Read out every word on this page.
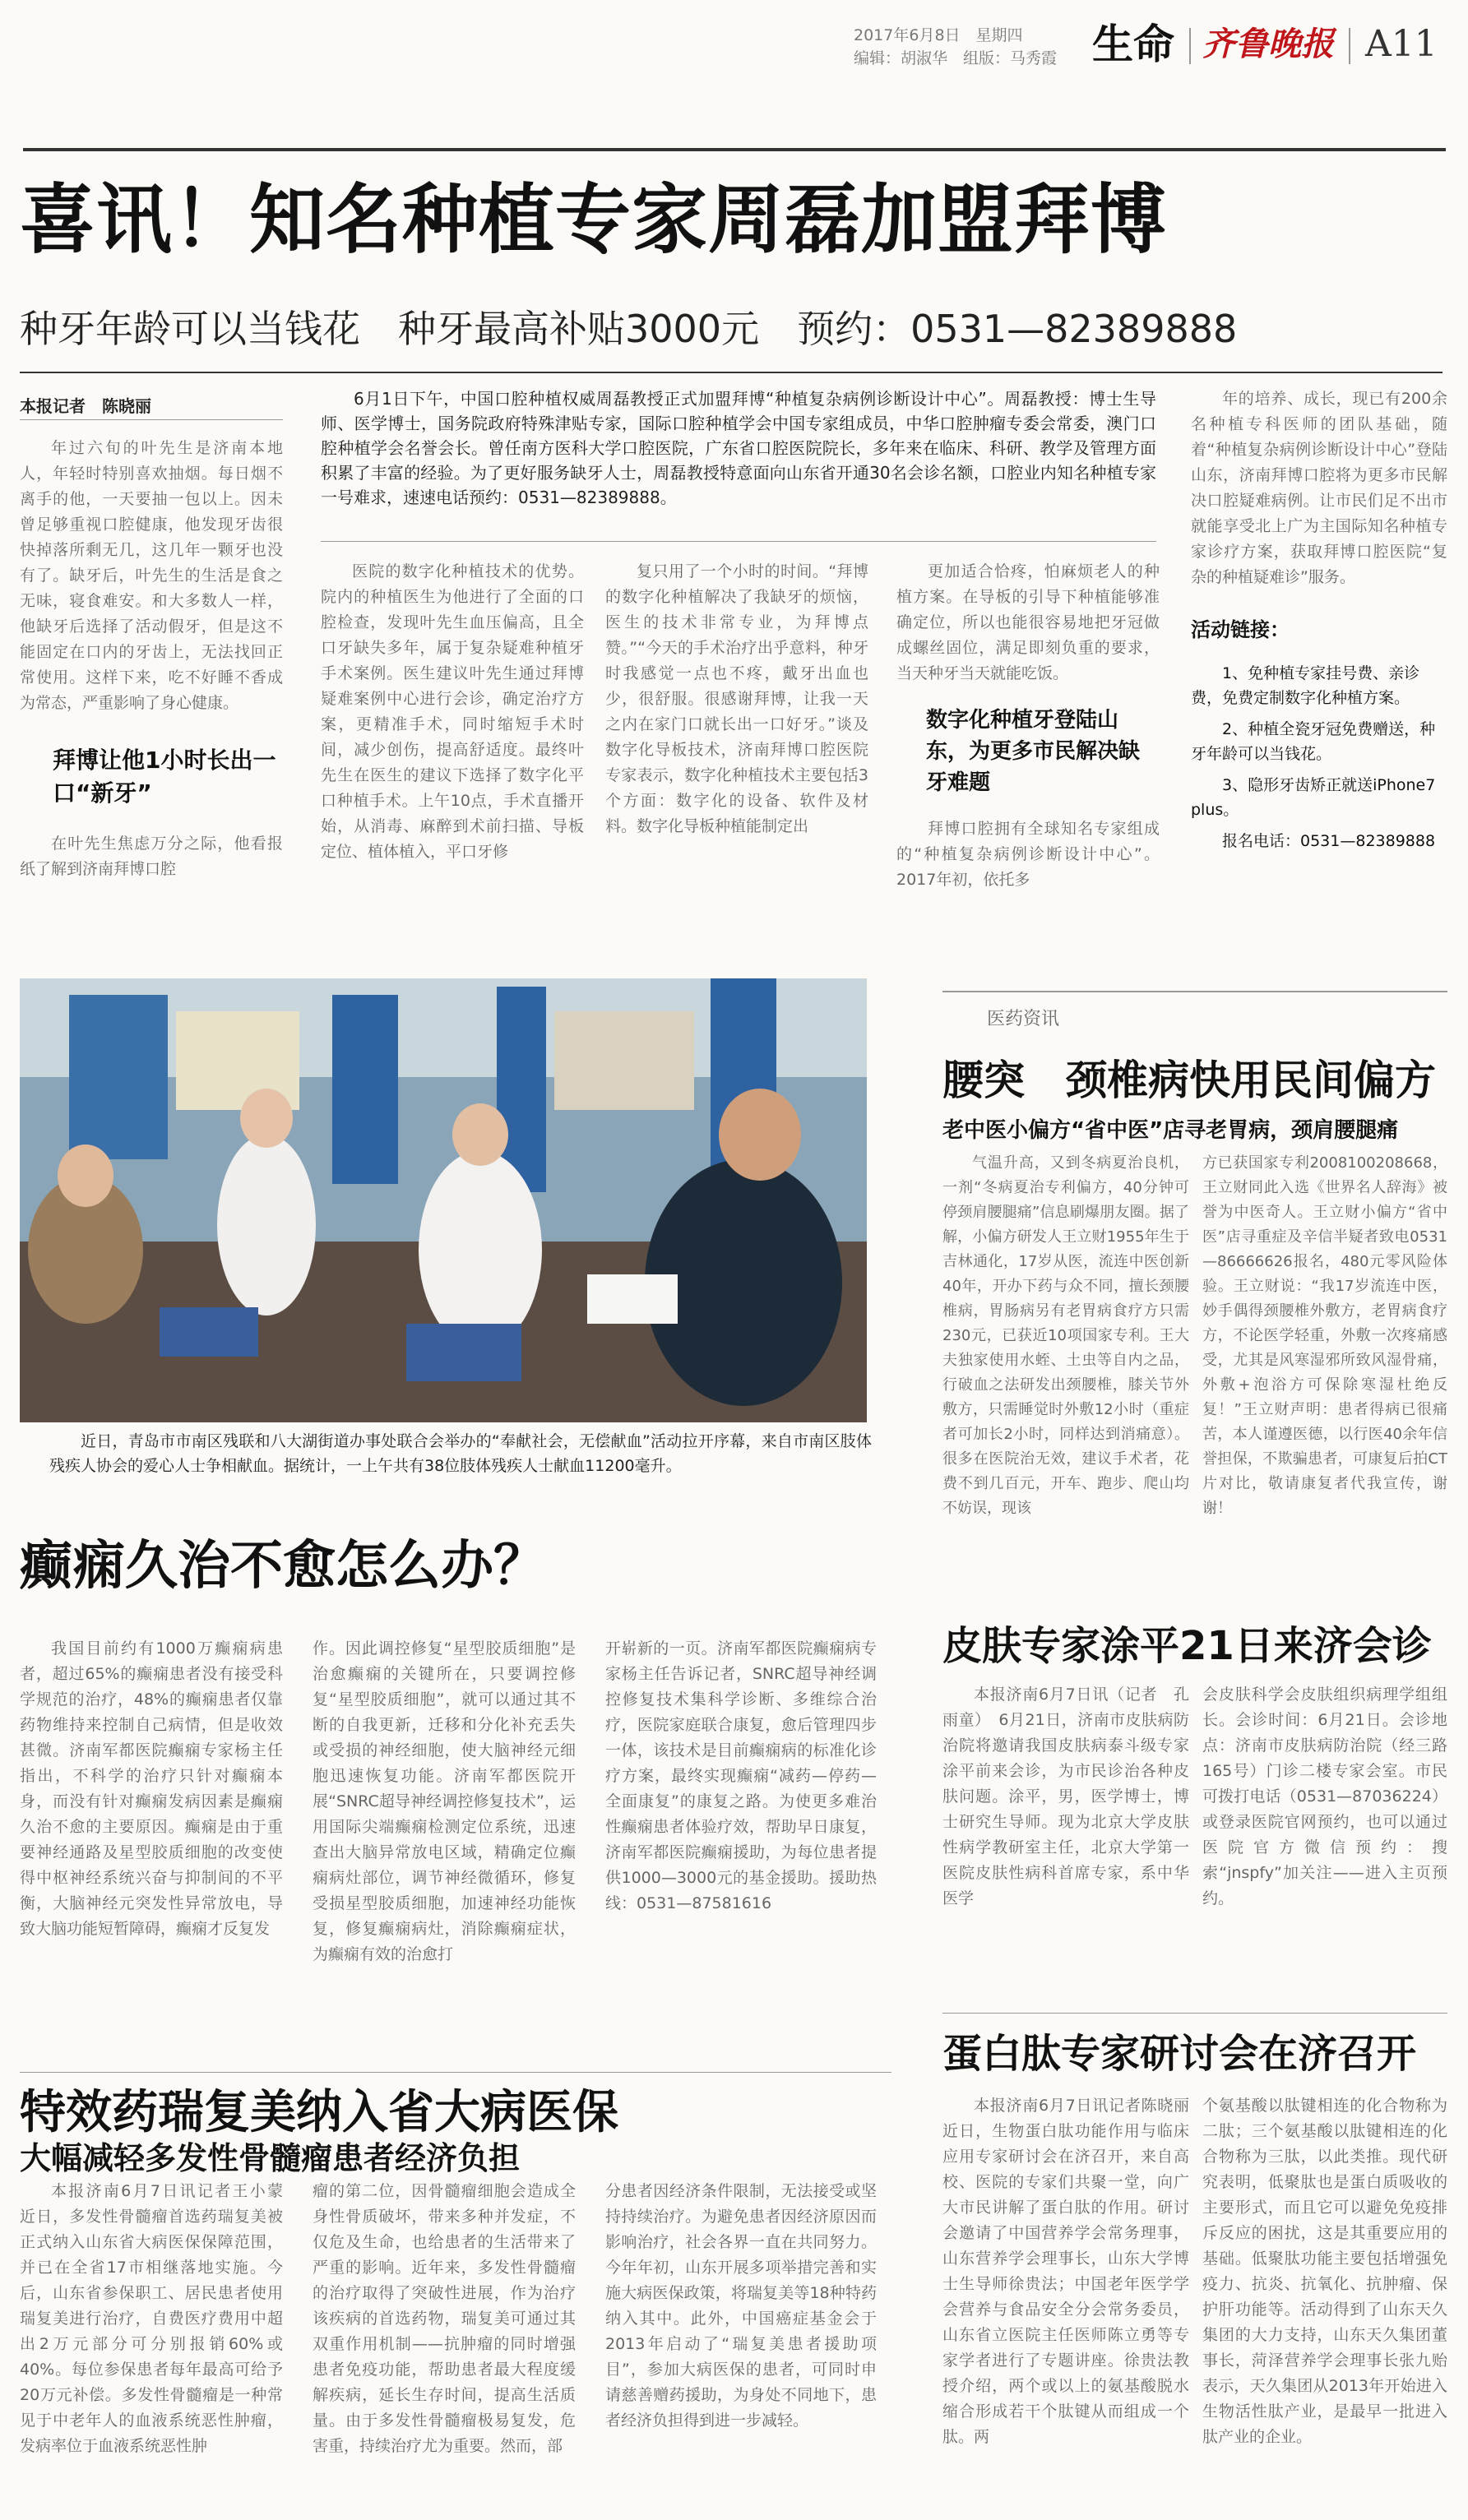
2017年6月8日　星期四
编辑：胡淑华　组版：马秀霞 生命 齐鲁晚报 A11
喜讯！知名种植专家周磊加盟拜博
种牙年龄可以当钱花　种牙最高补贴3000元　预约：0531—82389888
本报记者　陈晓丽

年过六旬的叶先生是济南本地人，年轻时特别喜欢抽烟。每日烟不离手的他，一天要抽一包以上。因未曾足够重视口腔健康，他发现牙齿很快掉落所剩无几，这几年一颗牙也没有了。缺牙后，叶先生的生活是食之无味，寝食难安。和大多数人一样，他缺牙后选择了活动假牙，但是这不能固定在口内的牙齿上，无法找回正常使用。这样下来，吃不好睡不香成为常态，严重影响了身心健康。

拜博让他1小时长出一口“新牙”

在叶先生焦虑万分之际，他看报纸了解到济南拜博口腔

6月1日下午，中国口腔种植权威周磊教授正式加盟拜博“种植复杂病例诊断设计中心”。周磊教授：博士生导师、医学博士，国务院政府特殊津贴专家，国际口腔种植学会中国专家组成员，中华口腔肿瘤专委会常委，澳门口腔种植学会名誉会长。曾任南方医科大学口腔医院，广东省口腔医院院长，多年来在临床、科研、教学及管理方面积累了丰富的经验。为了更好服务缺牙人士，周磊教授特意面向山东省开通30名会诊名额，口腔业内知名种植专家一号难求，速速电话预约：0531—82389888。

医院的数字化种植技术的优势。院内的种植医生为他进行了全面的口腔检查，发现叶先生血压偏高，且全口牙缺失多年，属于复杂疑难种植牙手术案例。医生建议叶先生通过拜博疑难案例中心进行会诊，确定治疗方案，更精准手术，同时缩短手术时间，减少创伤，提高舒适度。最终叶先生在医生的建议下选择了数字化平口种植手术。上午10点，手术直播开始，从消毒、麻醉到术前扫描、导板定位、植体植入，平口牙修

复只用了一个小时的时间。“拜博的数字化种植解决了我缺牙的烦恼，医生的技术非常专业，为拜博点赞。”“今天的手术治疗出乎意料，种牙时我感觉一点也不疼，戴牙出血也少，很舒服。很感谢拜博，让我一天之内在家门口就长出一口好牙。”谈及数字化导板技术，济南拜博口腔医院专家表示，数字化种植技术主要包括3个方面：数字化的设备、软件及材料。数字化导板种植能制定出

更加适合恰疼，怕麻烦老人的种植方案。在导板的引导下种植能够准确定位，所以也能很容易地把牙冠做成螺丝固位，满足即刻负重的要求，当天种牙当天就能吃饭。

数字化种植牙登陆山东，为更多市民解决缺牙难题

拜博口腔拥有全球知名专家组成的“种植复杂病例诊断设计中心”。2017年初，依托多

年的培养、成长，现已有200余名种植专科医师的团队基础，随着“种植复杂病例诊断设计中心”登陆山东，济南拜博口腔将为更多市民解决口腔疑难病例。让市民们足不出市就能享受北上广为主国际知名种植专家诊疗方案，获取拜博口腔医院“复杂的种植疑难诊”服务。

活动链接：
1、免种植专家挂号费、亲诊费，免费定制数字化种植方案。
2、种植全瓷牙冠免费赠送，种牙年龄可以当钱花。
3、隐形牙齿矫正就送iPhone7 plus。
报名电话：0531—82389888

近日，青岛市市南区残联和八大湖街道办事处联合会举办的“奉献社会，无偿献血”活动拉开序幕，来自市南区肢体残疾人协会的爱心人士争相献血。据统计，一上午共有38位肢体残疾人士献血11200毫升。

医药资讯
腰突　颈椎病快用民间偏方
老中医小偏方“省中医”店寻老胃病，颈肩腰腿痛

气温升高，又到冬病夏治良机，一剂“冬病夏治专利偏方，40分钟可停颈肩腰腿痛”信息刷爆朋友圈。据了解，小偏方研发人王立财1955年生于吉林通化，17岁从医，流连中医创新40年，开办下药与众不同，擅长颈腰椎病，胃肠病另有老胃病食疗方只需230元，已获近10项国家专利。王大夫独家使用水蛭、土虫等自内之品，行破血之法研发出颈腰椎，膝关节外敷方，只需睡觉时外敷12小时（重症者可加长2小时，同样达到消痛意）。很多在医院治无效，建议手术者，花费不到几百元，开车、跑步、爬山均不妨误，现该

方已获国家专利2008100208668，王立财同此入选《世界名人辞海》被誉为中医奇人。王立财小偏方“省中医”店寻重症及辛信半疑者致电0531—86666626报名，480元零风险体验。王立财说：“我17岁流连中医，妙手偶得颈腰椎外敷方，老胃病食疗方，不论医学轻重，外敷一次疼痛感受，尤其是风寒湿邪所致风湿骨痛，外敷+泡浴方可保除寒湿杜绝反复！”王立财声明：患者得病已很痛苦，本人谨遵医德，以行医40余年信誉担保，不欺骗患者，可康复后拍CT片对比，敬请康复者代我宣传，谢谢！

癫痫久治不愈怎么办？

我国目前约有1000万癫痫病患者，超过65%的癫痫患者没有接受科学规范的治疗，48%的癫痫患者仅靠药物维持来控制自己病情，但是收效甚微。济南军都医院癫痫专家杨主任指出，不科学的治疗只针对癫痫本身，而没有针对癫痫发病因素是癫痫久治不愈的主要原因。癫痫是由于重要神经通路及星型胶质细胞的改变使得中枢神经系统兴奋与抑制间的不平衡，大脑神经元突发性异常放电，导致大脑功能短暂障碍，癫痫才反复发

作。因此调控修复“星型胶质细胞”是治愈癫痫的关键所在，只要调控修复“星型胶质细胞”，就可以通过其不断的自我更新，迁移和分化补充丢失或受损的神经细胞，使大脑神经元细胞迅速恢复功能。济南军都医院开展“SNRC超导神经调控修复技术”，运用国际尖端癫痫检测定位系统，迅速查出大脑异常放电区域，精确定位癫痫病灶部位，调节神经微循环，修复受损星型胶质细胞，加速神经功能恢复，修复癫痫病灶，消除癫痫症状，为癫痫有效的治愈打

开崭新的一页。济南军都医院癫痫病专家杨主任告诉记者，SNRC超导神经调控修复技术集科学诊断、多维综合治疗，医院家庭联合康复，愈后管理四步一体，该技术是目前癫痫病的标准化诊疗方案，最终实现癫痫“减药—停药—全面康复”的康复之路。为使更多难治性癫痫患者体验疗效，帮助早日康复，济南军都医院癫痫援助，为每位患者提供1000—3000元的基金援助。援助热线：0531—87581616

皮肤专家涂平21日来济会诊

本报济南6月7日讯（记者　孔雨童）　6月21日，济南市皮肤病防治院将邀请我国皮肤病泰斗级专家涂平前来会诊，为市民诊治各种皮肤问题。涂平，男，医学博士，博士研究生导师。现为北京大学皮肤性病学教研室主任，北京大学第一医院皮肤性病科首席专家，系中华医学

会皮肤科学会皮肤组织病理学组组长。会诊时间：6月21日。会诊地点：济南市皮肤病防治院（经三路165号）门诊二楼专家会室。市民可拨打电话（0531—87036224）或登录医院官网预约，也可以通过医院官方微信预约：搜索“jnspfy”加关注——进入主页预约。

特效药瑞复美纳入省大病医保
大幅减轻多发性骨髓瘤患者经济负担

本报济南6月7日讯记者王小蒙　近日，多发性骨髓瘤首选药瑞复美被正式纳入山东省大病医保保障范围，并已在全省17市相继落地实施。今后，山东省参保职工、居民患者使用瑞复美进行治疗，自费医疗费用中超出2万元部分可分别报销60%或40%。每位参保患者每年最高可给予20万元补偿。多发性骨髓瘤是一种常见于中老年人的血液系统恶性肿瘤，发病率位于血液系统恶性肿

瘤的第二位，因骨髓瘤细胞会造成全身性骨质破坏，带来多种并发症，不仅危及生命，也给患者的生活带来了严重的影响。近年来，多发性骨髓瘤的治疗取得了突破性进展，作为治疗该疾病的首选药物，瑞复美可通过其双重作用机制——抗肿瘤的同时增强患者免疫功能，帮助患者最大程度缓解疾病，延长生存时间，提高生活质量。由于多发性骨髓瘤极易复发，危害重，持续治疗尤为重要。然而，部

分患者因经济条件限制，无法接受或坚持持续治疗。为避免患者因经济原因而影响治疗，社会各界一直在共同努力。今年年初，山东开展多项举措完善和实施大病医保政策，将瑞复美等18种特药纳入其中。此外，中国癌症基金会于2013年启动了“瑞复美患者援助项目”，参加大病医保的患者，可同时申请慈善赠药援助，为身处不同地下，患者经济负担得到进一步减轻。

蛋白肽专家研讨会在济召开

本报济南6月7日讯记者陈晓丽　近日，生物蛋白肽功能作用与临床应用专家研讨会在济召开，来自高校、医院的专家们共聚一堂，向广大市民讲解了蛋白肽的作用。研讨会邀请了中国营养学会常务理事，山东营养学会理事长，山东大学博士生导师徐贵法；中国老年医学学会营养与食品安全分会常务委员，山东省立医院主任医师陈立勇等专家学者进行了专题讲座。徐贵法教授介绍，两个或以上的氨基酸脱水缩合形成若干个肽键从而组成一个肽。两

个氨基酸以肽键相连的化合物称为二肽；三个氨基酸以肽键相连的化合物称为三肽，以此类推。现代研究表明，低聚肽也是蛋白质吸收的主要形式，而且它可以避免免疫排斥反应的困扰，这是其重要应用的基础。低聚肽功能主要包括增强免疫力、抗炎、抗氧化、抗肿瘤、保护肝功能等。活动得到了山东天久集团的大力支持，山东天久集团董事长，菏泽营养学会理事长张九贻表示，天久集团从2013年开始进入生物活性肽产业，是最早一批进入肽产业的企业。
